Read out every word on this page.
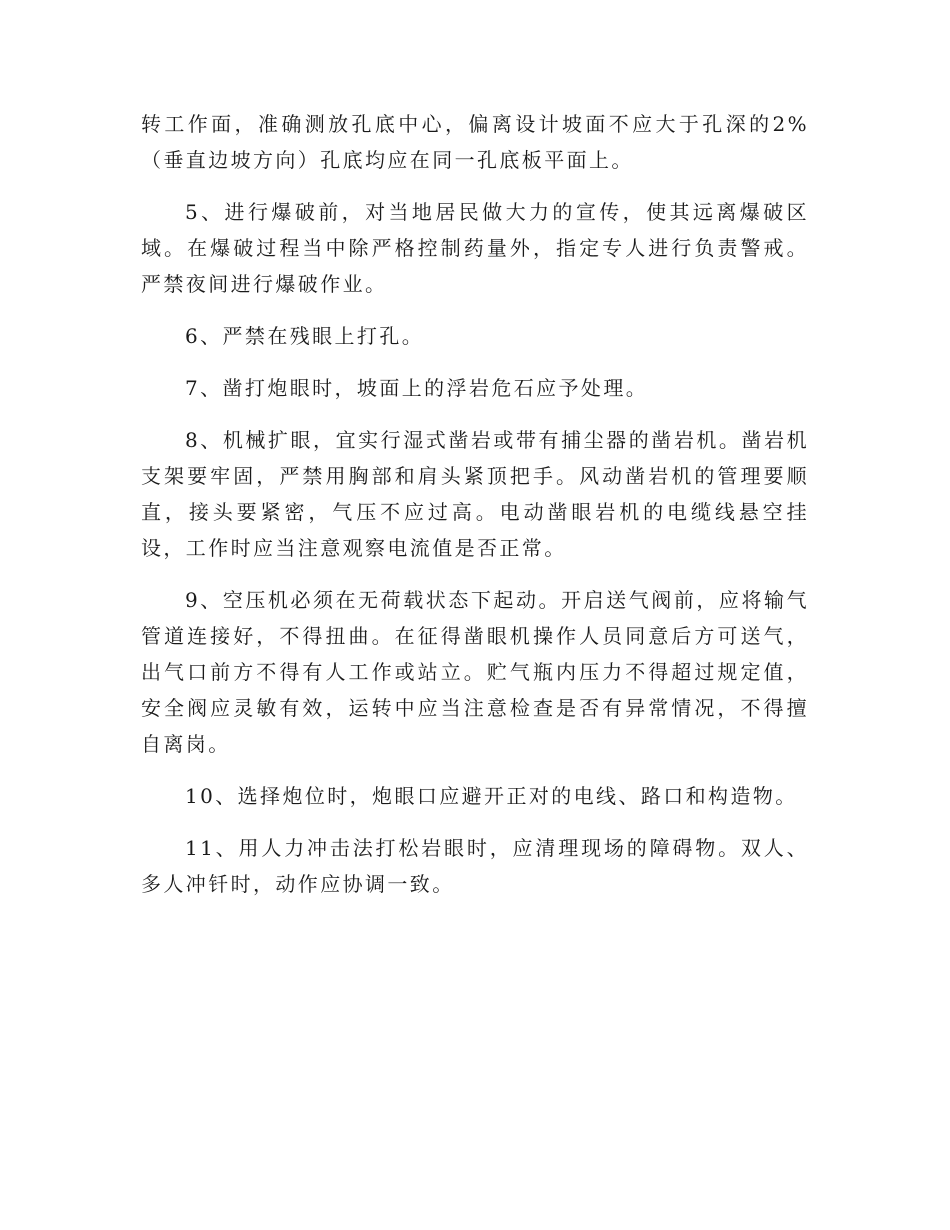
转工作面，准确测放孔底中心，偏离设计坡面不应大于孔深的2%（垂直边坡方向）孔底均应在同一孔底板平面上。

5、进行爆破前，对当地居民做大力的宣传，使其远离爆破区域。在爆破过程当中除严格控制药量外，指定专人进行负责警戒。严禁夜间进行爆破作业。

6、严禁在残眼上打孔。

7、凿打炮眼时，坡面上的浮岩危石应予处理。

8、机械扩眼，宜实行湿式凿岩或带有捕尘器的凿岩机。凿岩机支架要牢固，严禁用胸部和肩头紧顶把手。风动凿岩机的管理要顺直，接头要紧密，气压不应过高。电动凿眼岩机的电缆线悬空挂设，工作时应当注意观察电流值是否正常。

9、空压机必须在无荷载状态下起动。开启送气阀前，应将输气管道连接好，不得扭曲。在征得凿眼机操作人员同意后方可送气，出气口前方不得有人工作或站立。贮气瓶内压力不得超过规定值，安全阀应灵敏有效，运转中应当注意检查是否有异常情况，不得擅自离岗。

10、选择炮位时，炮眼口应避开正对的电线、路口和构造物。

11、用人力冲击法打松岩眼时，应清理现场的障碍物。双人、多人冲钎时，动作应协调一致。
